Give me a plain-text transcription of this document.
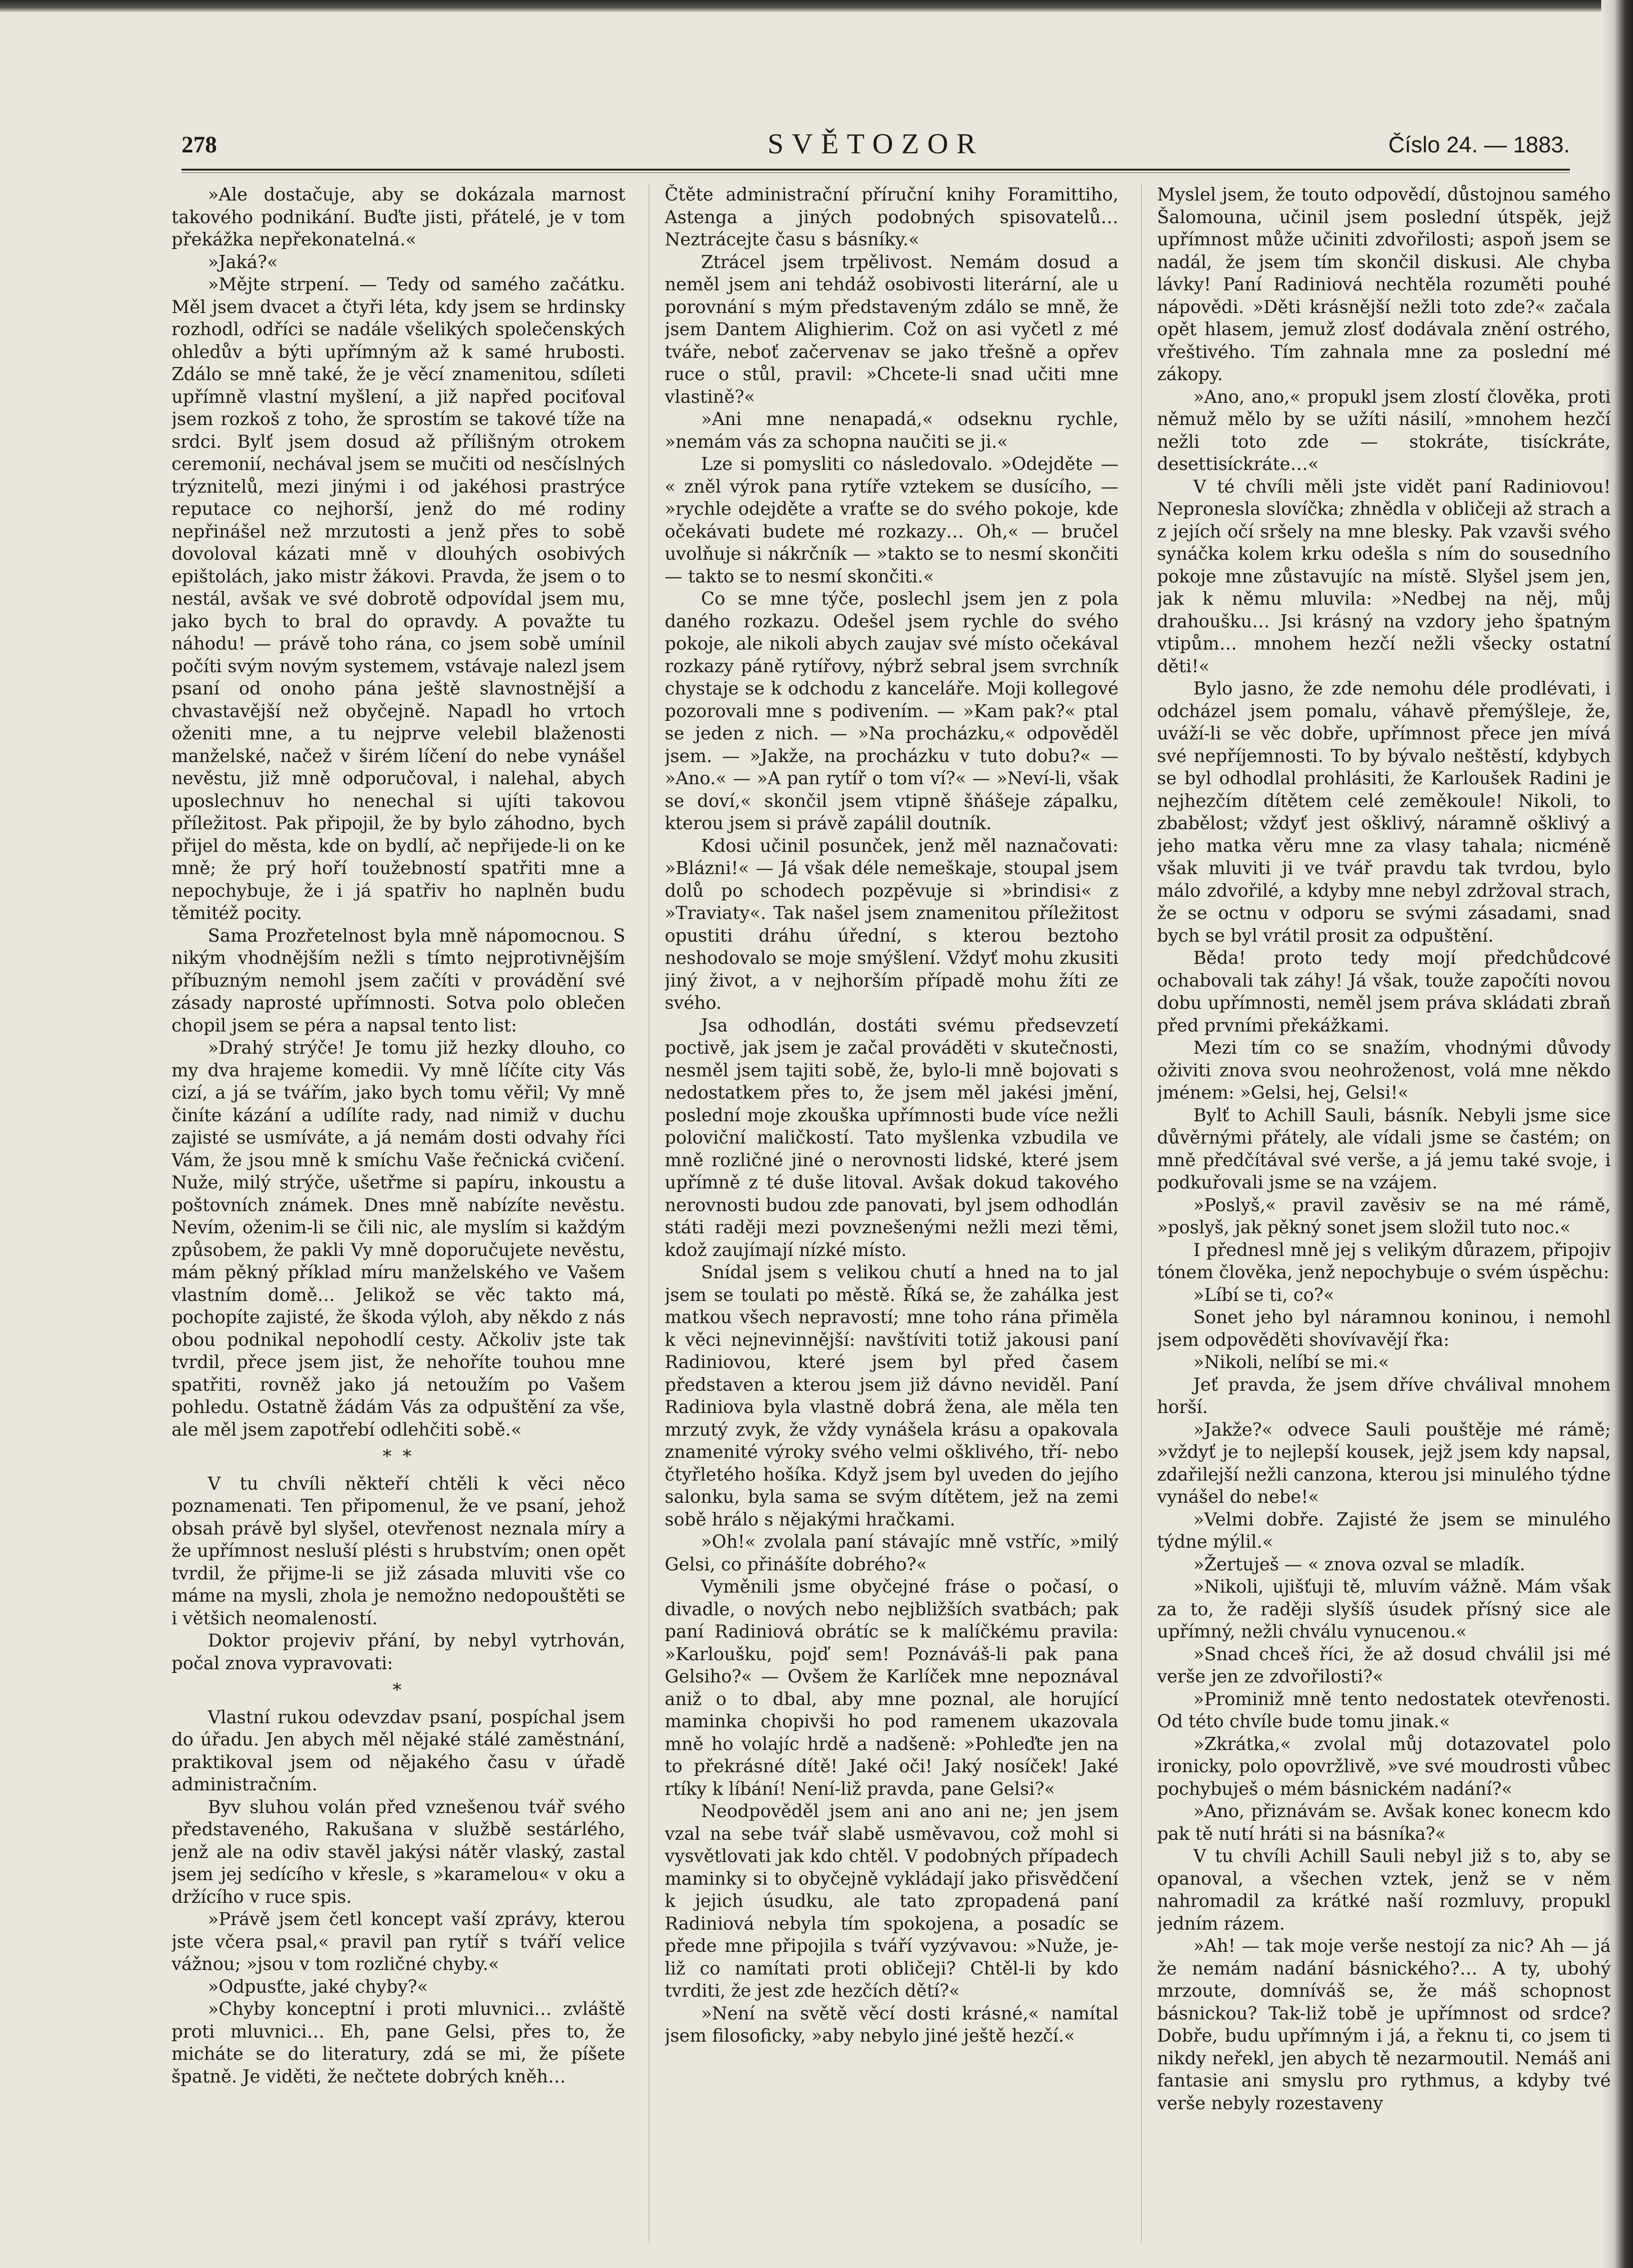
278	SVĚTOZOR	Číslo 24. — 1883.

»Ale dostačuje, aby se dokázala marnost takového podnikání. Buďte jisti, přátelé, je v tom překážka nepřekonatelná.«

»Jaká?«

»Mějte strpení. — Tedy od samého začátku. Měl jsem dvacet a čtyři léta, kdy jsem se hrdinsky rozhodl, odříci se nadále všelikých společenských ohledův a býti upřímným až k samé hrubosti. Zdálo se mně také, že je věcí znamenitou, sdíleti upřímně vlastní myšlení, a již napřed pociťoval jsem rozkoš z toho, že sprostím se takové tíže na srdci. Bylť jsem dosud až přílišným otrokem ceremonií, nechával jsem se mučiti od nesčíslných trýznitelů, mezi jinými i od jakéhosi prastrýce reputace co nejhorší, jenž do mé rodiny nepřinášel než mrzutosti a jenž přes to sobě dovoloval kázati mně v dlouhých osobivých epištolách, jako mistr žákovi. Pravda, že jsem o to nestál, avšak ve své dobrotě odpovídal jsem mu, jako bych to bral do opravdy. A považte tu náhodu! — právě toho rána, co jsem sobě umínil počíti svým novým systemem, vstávaje nalezl jsem psaní od onoho pána ještě slavnostnější a chvastavější než obyčejně. Napadl ho vrtoch oženiti mne, a tu nejprve velebil blaženosti manželské, načež v širém líčení do nebe vynášel nevěstu, již mně odporučoval, i nalehal, abych uposlechnuv ho nenechal si ujíti takovou příležitost. Pak připojil, že by bylo záhodno, bych přijel do města, kde on bydlí, ač nepřijede-li on ke mně; že prý hoří toužebností spatřiti mne a nepochybuje, že i já spatřiv ho naplněn budu těmitéž pocity.

Sama Prozřetelnost byla mně nápomocnou. S nikým vhodnějším nežli s tímto nejprotivnějším příbuzným nemohl jsem začíti v provádění své zásady naprosté upřímnosti. Sotva polo oblečen chopil jsem se péra a napsal tento list:

»Drahý strýče! Je tomu již hezky dlouho, co my dva hrajeme komedii. Vy mně líčíte city Vás cizí, a já se tvářím, jako bych tomu věřil; Vy mně činíte kázání a udílíte rady, nad nimiž v duchu zajisté se usmíváte, a já nemám dosti odvahy říci Vám, že jsou mně k smíchu Vaše řečnická cvičení. Nuže, milý strýče, ušetřme si papíru, inkoustu a poštovních známek. Dnes mně nabízíte nevěstu. Nevím, oženim-li se čili nic, ale myslím si každým způsobem, že pakli Vy mně doporučujete nevěstu, mám pěkný příklad míru manželského ve Vašem vlastním domě… Jelikož se věc takto má, pochopíte zajisté, že škoda výloh, aby někdo z nás obou podnikal nepohodlí cesty. Ačkoliv jste tak tvrdil, přece jsem jist, že nehoříte touhou mne spatřiti, rovněž jako já netoužím po Vašem pohledu. Ostatně žádám Vás za odpuštění za vše, ale měl jsem zapotřebí odlehčiti sobě.«

* *

V tu chvíli někteří chtěli k věci něco poznamenati. Ten připomenul, že ve psaní, jehož obsah právě byl slyšel, otevřenost neznala míry a že upřímnost nesluší plésti s hrubstvím; onen opět tvrdil, že přijme-li se již zásada mluviti vše co máme na mysli, zhola je nemožno nedopouštěti se i většich neomaleností.

Doktor projeviv přání, by nebyl vytrhován, počal znova vypravovati:

*

Vlastní rukou odevzdav psaní, pospíchal jsem do úřadu. Jen abych měl nějaké stálé zaměstnání, praktikoval jsem od nějakého času v úřadě administračním.

Byv sluhou volán před vznešenou tvář svého představeného, Rakušana v službě sestárlého, jenž ale na odiv stavěl jakýsi nátěr vlaský, zastal jsem jej sedícího v křesle, s »karamelou« v oku a držícího v ruce spis.

»Právě jsem četl koncept vaší zprávy, kterou jste včera psal,« pravil pan rytíř s tváří velice vážnou; »jsou v tom rozličné chyby.«

»Odpusťte, jaké chyby?«

»Chyby konceptní i proti mluvnici… zvláště proti mluvnici… Eh, pane Gelsi, přes to, že micháte se do literatury, zdá se mi, že píšete špatně. Je viděti, že nečtete dobrých kněh…

Čtěte administrační příruční knihy Foramittiho, Astenga a jiných podobných spisovatelů… Neztrácejte času s básníky.«

Ztrácel jsem trpělivost. Nemám dosud a neměl jsem ani tehdáž osobivosti literární, ale u porovnání s mým představeným zdálo se mně, že jsem Dantem Alighierim. Což on asi vyčetl z mé tváře, neboť začervenav se jako třešně a opřev ruce o stůl, pravil: »Chcete-li snad učiti mne vlastině?«

»Ani mne nenapadá,« odseknu rychle, »nemám vás za schopna naučiti se ji.«

Lze si pomysliti co následovalo. »Odejděte — « zněl výrok pana rytíře vztekem se dusícího, — »rychle odejděte a vraťte se do svého pokoje, kde očekávati budete mé rozkazy… Oh,« — bručel uvolňuje si nákrčník — »takto se to nesmí skončiti — takto se to nesmí skončiti.«

Co se mne týče, poslechl jsem jen z pola daného rozkazu. Odešel jsem rychle do svého pokoje, ale nikoli abych zaujav své místo očekával rozkazy páně rytířovy, nýbrž sebral jsem svrchník chystaje se k odchodu z kanceláře. Moji kollegové pozorovali mne s podivením. — »Kam pak?« ptal se jeden z nich. — »Na procházku,« odpověděl jsem. — »Jakže, na procházku v tuto dobu?« — »Ano.« — »A pan rytíř o tom ví?« — »Neví-li, však se doví,« skončil jsem vtipně šňášeje zápalku, kterou jsem si právě zapálil doutník.

Kdosi učinil posunček, jenž měl naznačovati: »Blázni!« — Já však déle nemeškaje, stoupal jsem dolů po schodech pozpěvuje si »brindisi« z »Traviaty«. Tak našel jsem znamenitou příležitost opustiti dráhu úřední, s kterou beztoho neshodovalo se moje smýšlení. Vždyť mohu zkusiti jiný život, a v nejhorším případě mohu žíti ze svého.

Jsa odhodlán, dostáti svému předsevzetí poctivě, jak jsem je začal prováděti v skutečnosti, nesměl jsem tajiti sobě, že, bylo-li mně bojovati s nedostatkem přes to, že jsem měl jakési jmění, poslední moje zkouška upřímnosti bude více nežli poloviční maličkostí. Tato myšlenka vzbudila ve mně rozličné jiné o nerovnosti lidské, které jsem upřímně z té duše litoval. Avšak dokud takového nerovnosti budou zde panovati, byl jsem odhodlán státi raději mezi povznešenými nežli mezi těmi, kdož zaujímají nízké místo.

Snídal jsem s velikou chutí a hned na to jal jsem se toulati po městě. Říká se, že zahálka jest matkou všech nepravostí; mne toho rána přiměla k věci nejnevinnější: navštíviti totiž jakousi paní Radiniovou, které jsem byl před časem představen a kterou jsem již dávno neviděl. Paní Radiniova byla vlastně dobrá žena, ale měla ten mrzutý zvyk, že vždy vynášela krásu a opakovala znamenité výroky svého velmi ošklivého, tří- nebo čtyřletého hošíka. Když jsem byl uveden do jejího salonku, byla sama se svým dítětem, jež na zemi sobě hrálo s nějakými hračkami.

»Oh!« zvolala paní stávajíc mně vstříc, »milý Gelsi, co přinášíte dobrého?«

Vyměnili jsme obyčejné fráse o počasí, o divadle, o nových nebo nejbližších svatbách; pak paní Radiniová obrátíc se k malíčkému pravila: »Karloušku, pojď sem! Poznáváš-li pak pana Gelsiho?« — Ovšem že Karlíček mne nepoznával aniž o to dbal, aby mne poznal, ale horující maminka chopivši ho pod ramenem ukazovala mně ho volajíc hrdě a nadšeně: »Pohleďte jen na to překrásné dítě! Jaké oči! Jaký nosíček! Jaké rtíky k líbání! Není-liž pravda, pane Gelsi?«

Neodpověděl jsem ani ano ani ne; jen jsem vzal na sebe tvář slabě usměvavou, což mohl si vysvětlovati jak kdo chtěl. V podobných případech maminky si to obyčejně vykládají jako přisvědčení k jejich úsudku, ale tato zpropadená paní Radiniová nebyla tím spokojena, a posadíc se přede mne připojila s tváří vyzývavou: »Nuže, je-liž co namítati proti obličeji? Chtěl-li by kdo tvrditi, že jest zde hezčích dětí?«

»Není na světě věcí dosti krásné,« namítal jsem filosoficky, »aby nebylo jiné ještě hezčí.«

Myslel jsem, že touto odpovědí, důstojnou samého Šalomouna, učinil jsem poslední útspěk, jejž upřímnost může učiniti zdvořilosti; aspoň jsem se nadál, že jsem tím skončil diskusi. Ale chyba lávky! Paní Radiniová nechtěla rozuměti pouhé nápovědi. »Děti krásnější nežli toto zde?« začala opět hlasem, jemuž zlosť dodávala znění ostrého, vřeštivého. Tím zahnala mne za poslední mé zákopy.

»Ano, ano,« propukl jsem zlostí člověka, proti němuž mělo by se užíti násilí, »mnohem hezčí nežli toto zde — stokráte, tisíckráte, desettisíckráte…«

V té chvíli měli jste vidět paní Radiniovou! Nepronesla slovíčka; zhnědla v obličeji až strach a z jejích očí sršely na mne blesky. Pak vzavši svého synáčka kolem krku odešla s ním do sousedního pokoje mne zůstavujíc na místě. Slyšel jsem jen, jak k němu mluvila: »Nedbej na něj, můj drahoušku… Jsi krásný na vzdory jeho špatným vtipům… mnohem hezčí nežli všecky ostatní děti!«

Bylo jasno, že zde nemohu déle prodlévati, i odcházel jsem pomalu, váhavě přemýšleje, že, uváží-li se věc dobře, upřímnost přece jen mívá své nepříjemnosti. To by bývalo neštěstí, kdybych se byl odhodlal prohlásiti, že Karloušek Radini je nejhezčím dítětem celé zeměkoule! Nikoli, to zbabělost; vždyť jest ošklivý, náramně ošklivý a jeho matka věru mne za vlasy tahala; nicméně však mluviti ji ve tvář pravdu tak tvrdou, bylo málo zdvořilé, a kdyby mne nebyl zdržoval strach, že se octnu v odporu se svými zásadami, snad bych se byl vrátil prosit za odpuštění.

Běda! proto tedy mojí předchůdcové ochabovali tak záhy! Já však, touže započíti novou dobu upřímnosti, neměl jsem práva skládati zbraň před prvními překážkami.

Mezi tím co se snažím, vhodnými důvody oživiti znova svou neohroženost, volá mne někdo jménem: »Gelsi, hej, Gelsi!«

Bylť to Achill Sauli, básník. Nebyli jsme sice důvěrnými přátely, ale vídali jsme se častém; on mně předčítával své verše, a já jemu také svoje, i podkuřovali jsme se na vzájem.

»Poslyš,« pravil zavěsiv se na mé rámě, »poslyš, jak pěkný sonet jsem složil tuto noc.«

I přednesl mně jej s velikým důrazem, připojiv tónem člověka, jenž nepochybuje o svém úspěchu:

»Líbí se ti, co?«

Sonet jeho byl náramnou koninou, i nemohl jsem odpověděti shovívavějí řka:

»Nikoli, nelíbí se mi.«

Jeť pravda, že jsem dříve chválival mnohem horší.

»Jakže?« odvece Sauli pouštěje mé rámě; »vždyť je to nejlepší kousek, jejž jsem kdy napsal, zdařilejší nežli canzona, kterou jsi minulého týdne vynášel do nebe!«

»Velmi dobře. Zajisté že jsem se minulého týdne mýlil.«

»Žertuješ — « znova ozval se mladík.

»Nikoli, ujišťuji tě, mluvím vážně. Mám však za to, že raději slyšíš úsudek přísný sice ale upřímný, nežli chválu vynucenou.«

»Snad chceš říci, že až dosud chválil jsi mé verše jen ze zdvořilosti?«

»Prominiž mně tento nedostatek otevřenosti. Od této chvíle bude tomu jinak.«

»Zkrátka,« zvolal můj dotazovatel polo ironicky, polo opovržlivě, »ve své moudrosti vůbec pochybuješ o mém básnickém nadání?«

»Ano, přiznávám se. Avšak konec konecm kdo pak tě nutí hráti si na básníka?«

V tu chvíli Achill Sauli nebyl již s to, aby se opanoval, a všechen vztek, jenž se v něm nahromadil za krátké naší rozmluvy, propukl jedním rázem.

»Ah! — tak moje verše nestojí za nic? Ah — já že nemám nadání básnického?… A ty, ubohý mrzoute, domníváš se, že máš schopnost básnickou? Tak-liž tobě je upřímnost od srdce? Dobře, budu upřímným i já, a řeknu ti, co jsem ti nikdy neřekl, jen abych tě nezarmoutil. Nemáš ani fantasie ani smyslu pro rythmus, a kdyby tvé verše nebyly rozestaveny
